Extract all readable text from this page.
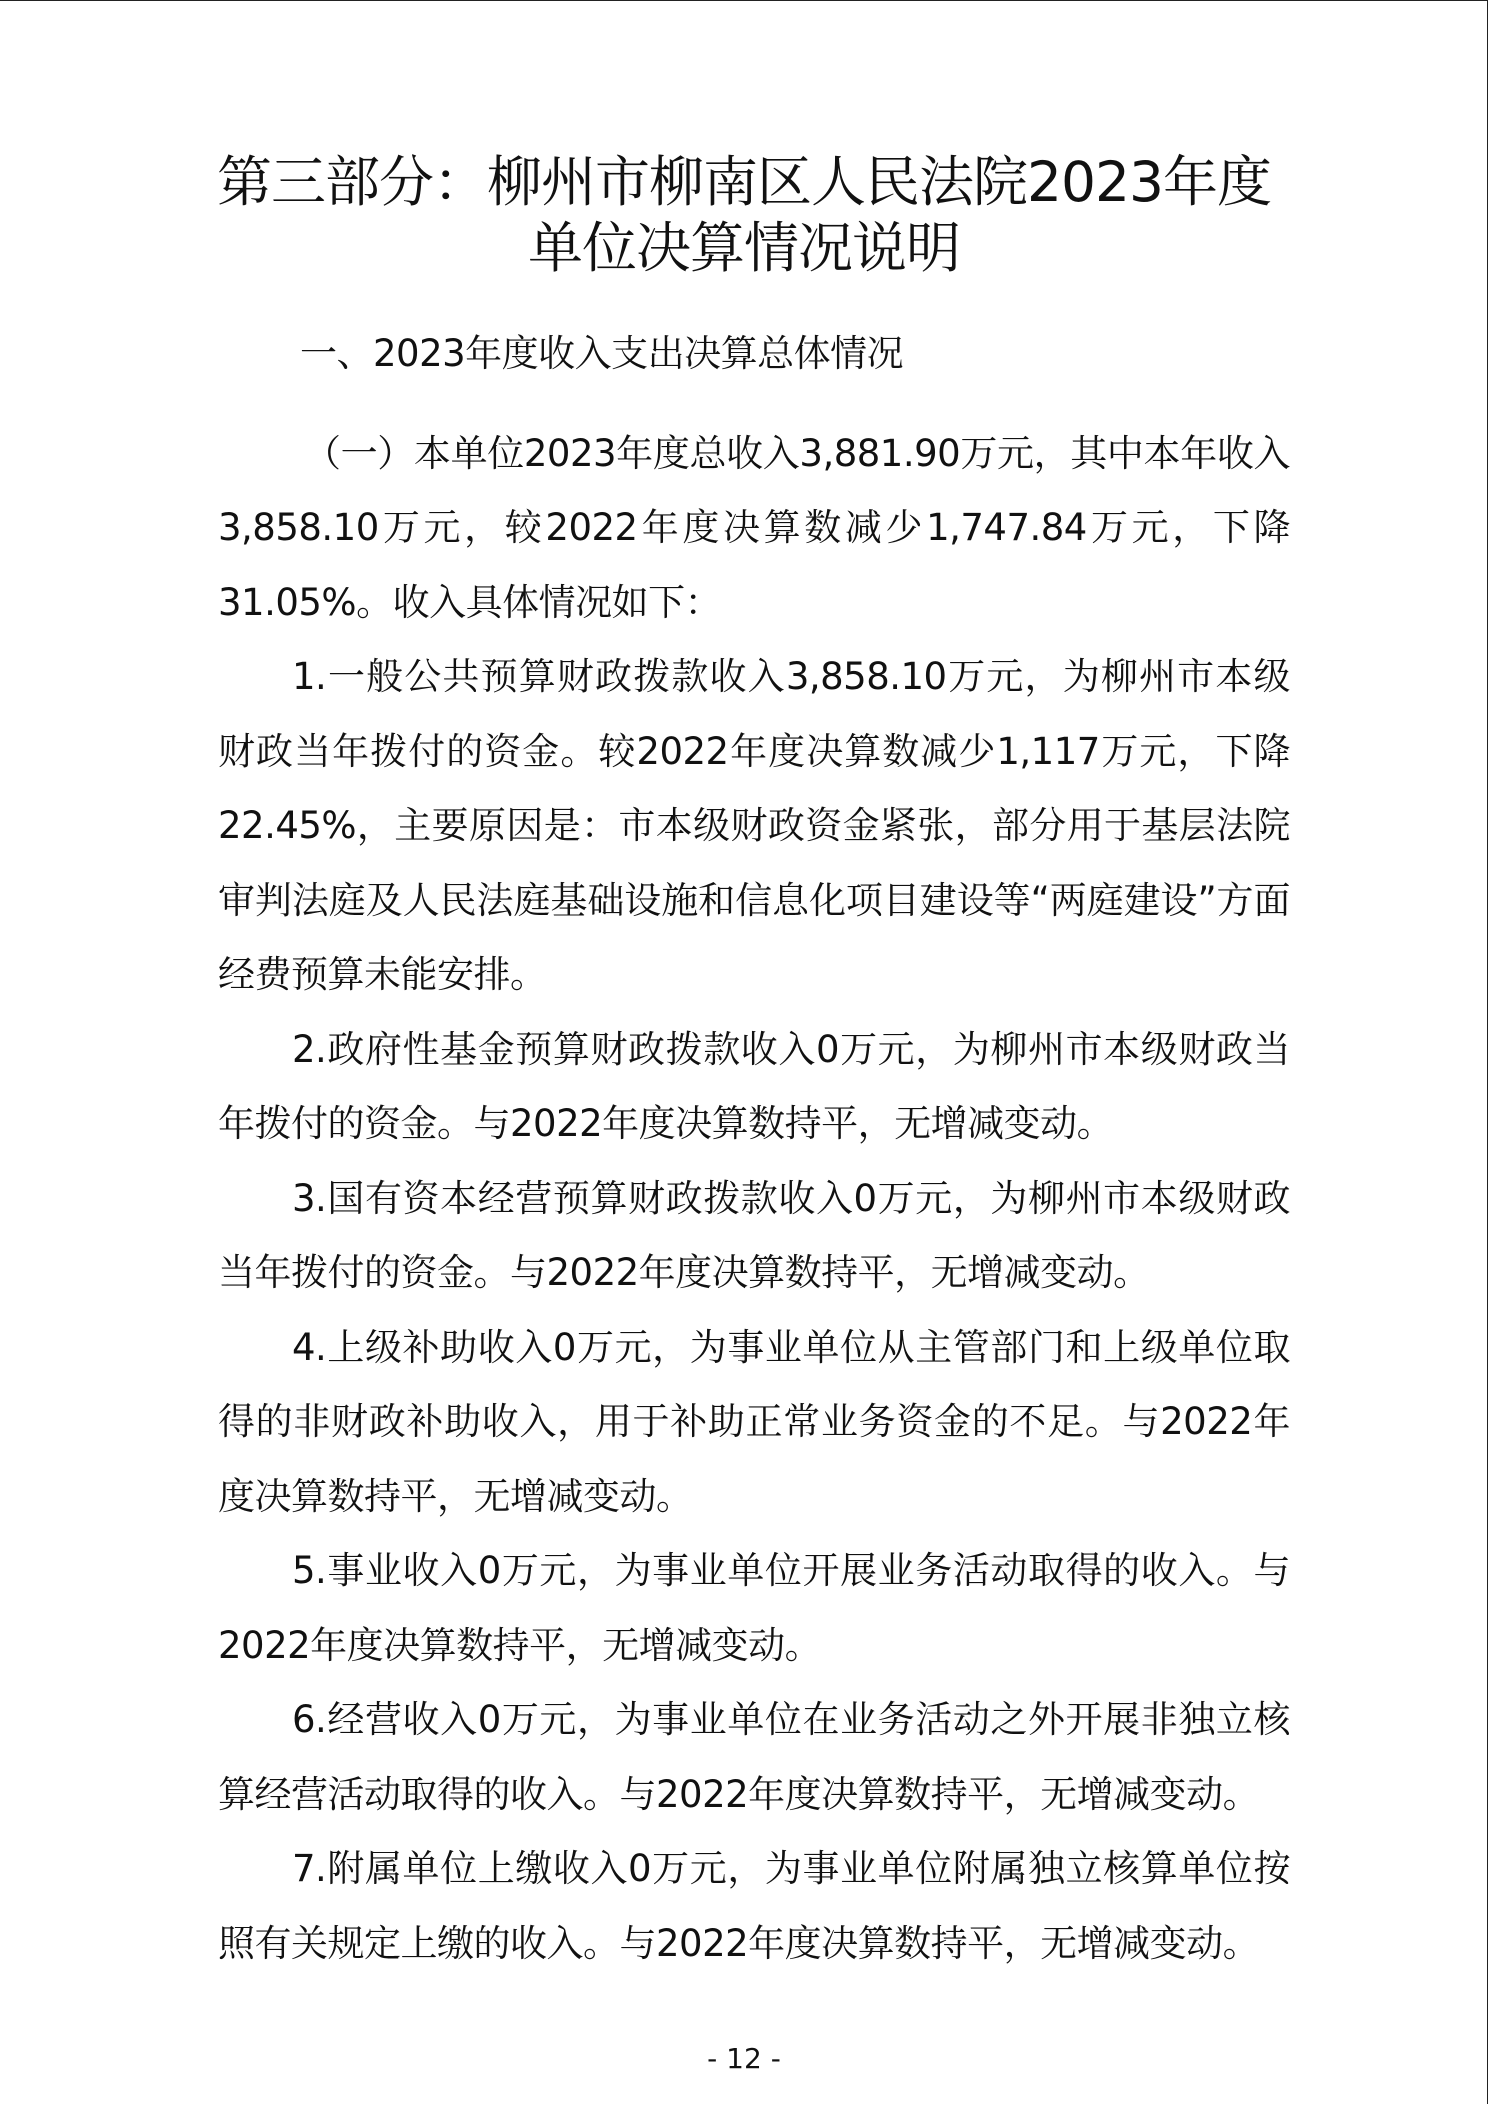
第三部分：柳州市柳南区人民法院2023年度
单位决算情况说明

一、2023年度收入支出决算总体情况

（一）本单位2023年度总收入3,881.90万元，其中本年收入3,858.10万元，较2022年度决算数减少1,747.84万元，下降31.05%。收入具体情况如下：

1.一般公共预算财政拨款收入3,858.10万元，为柳州市本级财政当年拨付的资金。较2022年度决算数减少1,117万元，下降22.45%，主要原因是：市本级财政资金紧张，部分用于基层法院审判法庭及人民法庭基础设施和信息化项目建设等“两庭建设”方面经费预算未能安排。

2.政府性基金预算财政拨款收入0万元，为柳州市本级财政当年拨付的资金。与2022年度决算数持平，无增减变动。

3.国有资本经营预算财政拨款收入0万元，为柳州市本级财政当年拨付的资金。与2022年度决算数持平，无增减变动。

4.上级补助收入0万元，为事业单位从主管部门和上级单位取得的非财政补助收入，用于补助正常业务资金的不足。与2022年度决算数持平，无增减变动。

5.事业收入0万元，为事业单位开展业务活动取得的收入。与2022年度决算数持平，无增减变动。

6.经营收入0万元，为事业单位在业务活动之外开展非独立核算经营活动取得的收入。与2022年度决算数持平，无增减变动。

7.附属单位上缴收入0万元，为事业单位附属独立核算单位按照有关规定上缴的收入。与2022年度决算数持平，无增减变动。

- 12 -
